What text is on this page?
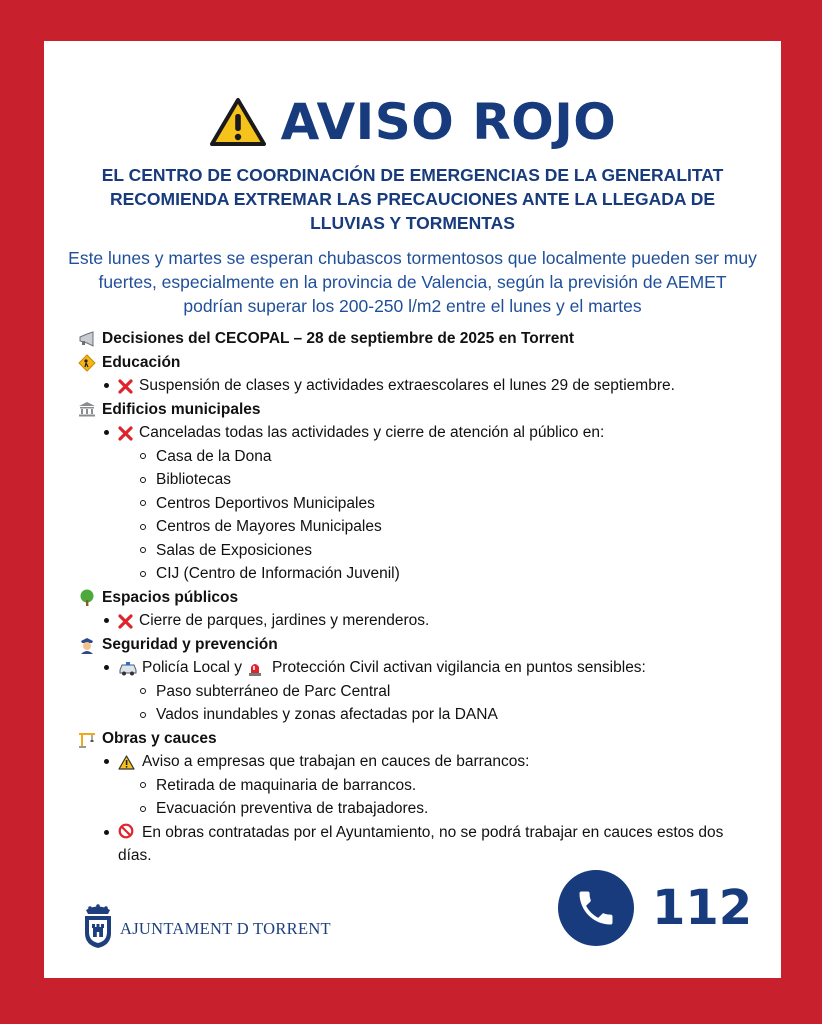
AVISO ROJO
EL CENTRO DE COORDINACIÓN DE EMERGENCIAS DE LA GENERALITAT RECOMIENDA EXTREMAR LAS PRECAUCIONES ANTE LA LLEGADA DE LLUVIAS Y TORMENTAS
Este lunes y martes se esperan chubascos tormentosos que localmente pueden ser muy fuertes, especialmente en la provincia de Valencia, según la previsión de AEMET podrían superar los 200-250 l/m2 entre el lunes y el martes
Decisiones del CECOPAL – 28 de septiembre de 2025 en Torrent
Educación
Suspensión de clases y actividades extraescolares el lunes 29 de septiembre.
Edificios municipales
Canceladas todas las actividades y cierre de atención al público en:
Casa de la Dona
Bibliotecas
Centros Deportivos Municipales
Centros de Mayores Municipales
Salas de Exposiciones
CIJ (Centro de Información Juvenil)
Espacios públicos
Cierre de parques, jardines y merenderos.
Seguridad y prevención
Policía Local y Protección Civil activan vigilancia en puntos sensibles:
Paso subterráneo de Parc Central
Vados inundables y zonas afectadas por la DANA
Obras y cauces
Aviso a empresas que trabajan en cauces de barrancos:
Retirada de maquinaria de barrancos.
Evacuación preventiva de trabajadores.
En obras contratadas por el Ayuntamiento, no se podrá trabajar en cauces estos dos días.
AJUNTAMENT D TORRENT	112
